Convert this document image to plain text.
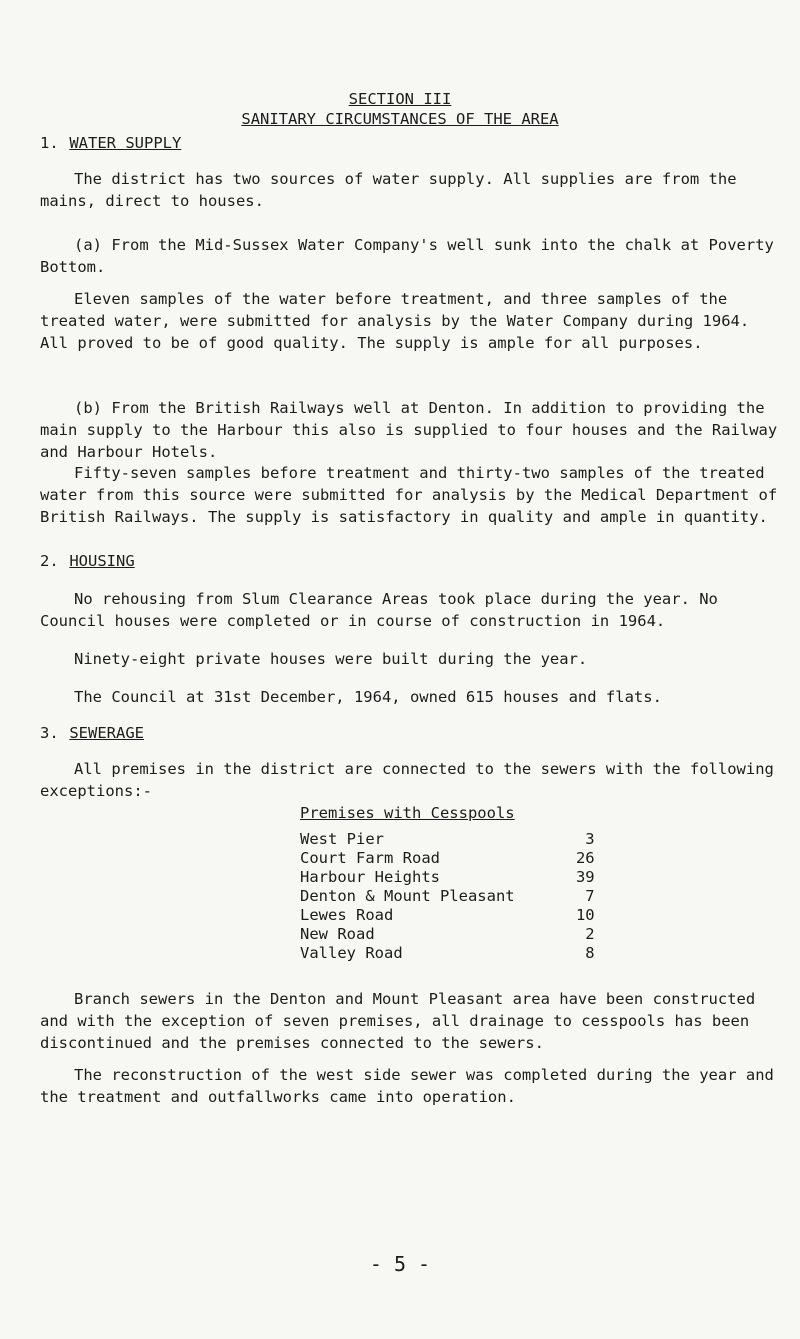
SECTION III
SANITARY CIRCUMSTANCES OF THE AREA
1. WATER SUPPLY

The district has two sources of water supply. All supplies are from the mains, direct to houses.

(a) From the Mid-Sussex Water Company's well sunk into the chalk at Poverty Bottom.

Eleven samples of the water before treatment, and three samples of the treated water, were submitted for analysis by the Water Company during 1964. All proved to be of good quality. The supply is ample for all purposes.

(b) From the British Railways well at Denton. In addition to providing the main supply to the Harbour this also is supplied to four houses and the Railway and Harbour Hotels.

Fifty-seven samples before treatment and thirty-two samples of the treated water from this source were submitted for analysis by the Medical Department of British Railways. The supply is satisfactory in quality and ample in quantity.

2. HOUSING

No rehousing from Slum Clearance Areas took place during the year. No Council houses were completed or in course of construction in 1964.

Ninety-eight private houses were built during the year.

The Council at 31st December, 1964, owned 615 houses and flats.

3. SEWERAGE

All premises in the district are connected to the sewers with the following exceptions:-

Premises with Cesspools
West Pier	3
Court Farm Road	26
Harbour Heights	39
Denton & Mount Pleasant	7
Lewes Road	10
New Road	2
Valley Road	8

Branch sewers in the Denton and Mount Pleasant area have been constructed and with the exception of seven premises, all drainage to cesspools has been discontinued and the premises connected to the sewers.

The reconstruction of the west side sewer was completed during the year and the treatment and outfallworks came into operation.

- 5 -
